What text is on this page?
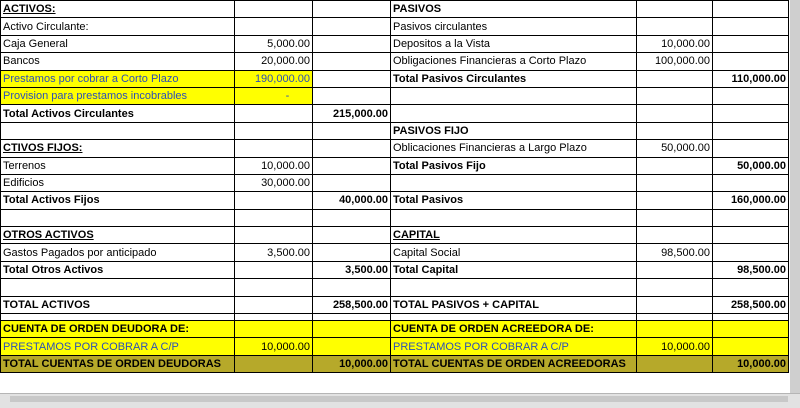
ACTIVOS:			PASIVOS		
Activo Circulante:			Pasivos circulantes		
Caja General	5,000.00		Depositos a la Vista	10,000.00	
Bancos	20,000.00		Obligaciones Financieras a Corto Plazo	100,000.00	
Prestamos por cobrar a Corto Plazo	190,000.00		Total Pasivos Circulantes		110,000.00
Provision para prestamos incobrables	-				
Total Activos Circulantes		215,000.00			
			PASIVOS FIJO		
CTIVOS FIJOS:			Oblicaciones Financieras a Largo Plazo	50,000.00	
Terrenos	10,000.00		Total Pasivos Fijo		50,000.00
Edificios	30,000.00				
Total Activos Fijos		40,000.00	Total Pasivos		160,000.00

OTROS ACTIVOS			CAPITAL		
Gastos Pagados por anticipado	3,500.00		Capital Social	98,500.00	
Total Otros Activos		3,500.00	Total Capital		98,500.00

TOTAL ACTIVOS		258,500.00	TOTAL PASIVOS + CAPITAL		258,500.00

CUENTA DE ORDEN DEUDORA DE:			CUENTA DE ORDEN ACREEDORA DE:		
PRESTAMOS POR COBRAR A C/P	10,000.00		PRESTAMOS POR COBRAR A C/P	10,000.00	
TOTAL CUENTAS DE ORDEN DEUDORAS		10,000.00	TOTAL CUENTAS DE ORDEN ACREEDORAS		10,000.00
